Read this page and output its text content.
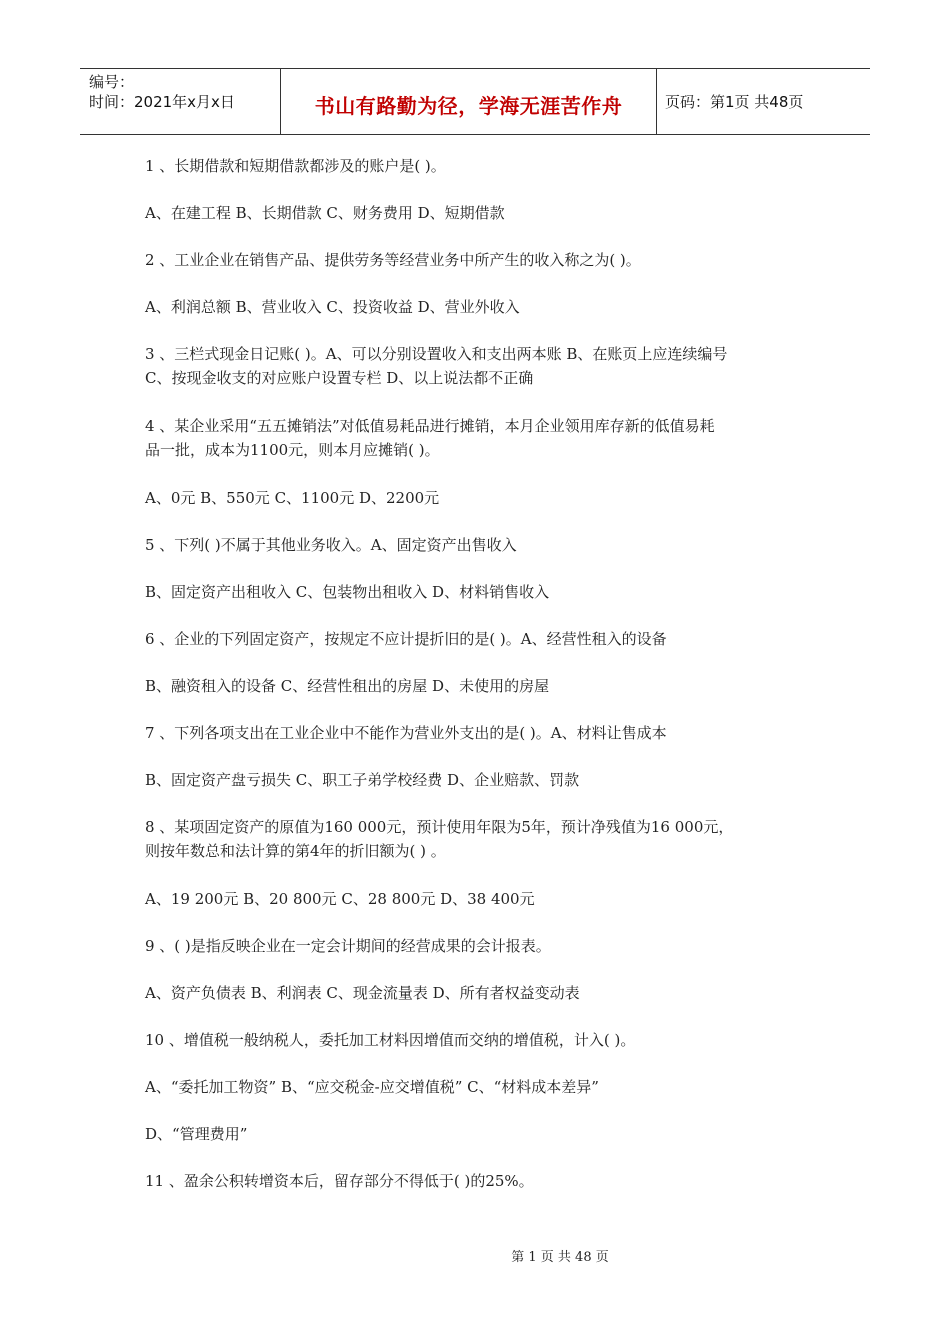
编号：
时间：2021年x月x日	书山有路勤为径，学海无涯苦作舟	页码：第1页 共48页

1 、长期借款和短期借款都涉及的账户是( )。

A、在建工程 B、长期借款 C、财务费用 D、短期借款

2 、工业企业在销售产品、提供劳务等经营业务中所产生的收入称之为( )。

A、利润总额 B、营业收入 C、投资收益 D、营业外收入

3 、三栏式现金日记账( )。A、可以分别设置收入和支出两本账 B、在账页上应连续编号
C、按现金收支的对应账户设置专栏 D、以上说法都不正确

4 、某企业采用“五五摊销法”对低值易耗品进行摊销，本月企业领用库存新的低值易耗
品一批，成本为1100元，则本月应摊销( )。

A、0元 B、550元 C、1100元 D、2200元

5 、下列( )不属于其他业务收入。A、固定资产出售收入

B、固定资产出租收入 C、包装物出租收入 D、材料销售收入

6 、企业的下列固定资产，按规定不应计提折旧的是( )。A、经营性租入的设备

B、融资租入的设备 C、经营性租出的房屋 D、未使用的房屋

7 、下列各项支出在工业企业中不能作为营业外支出的是( )。A、材料让售成本

B、固定资产盘亏损失 C、职工子弟学校经费 D、企业赔款、罚款

8 、某项固定资产的原值为160 000元，预计使用年限为5年，预计净残值为16 000元，
则按年数总和法计算的第4年的折旧额为( ) 。

A、19 200元 B、20 800元 C、28 800元 D、38 400元

9 、( )是指反映企业在一定会计期间的经营成果的会计报表。

A、资产负债表 B、利润表 C、现金流量表 D、所有者权益变动表

10 、增值税一般纳税人，委托加工材料因增值而交纳的增值税，计入( )。

A、“委托加工物资” B、“应交税金-应交增值税” C、“材料成本差异”

D、“管理费用”

11 、盈余公积转增资本后，留存部分不得低于( )的25%。

第 1 页 共 48 页
